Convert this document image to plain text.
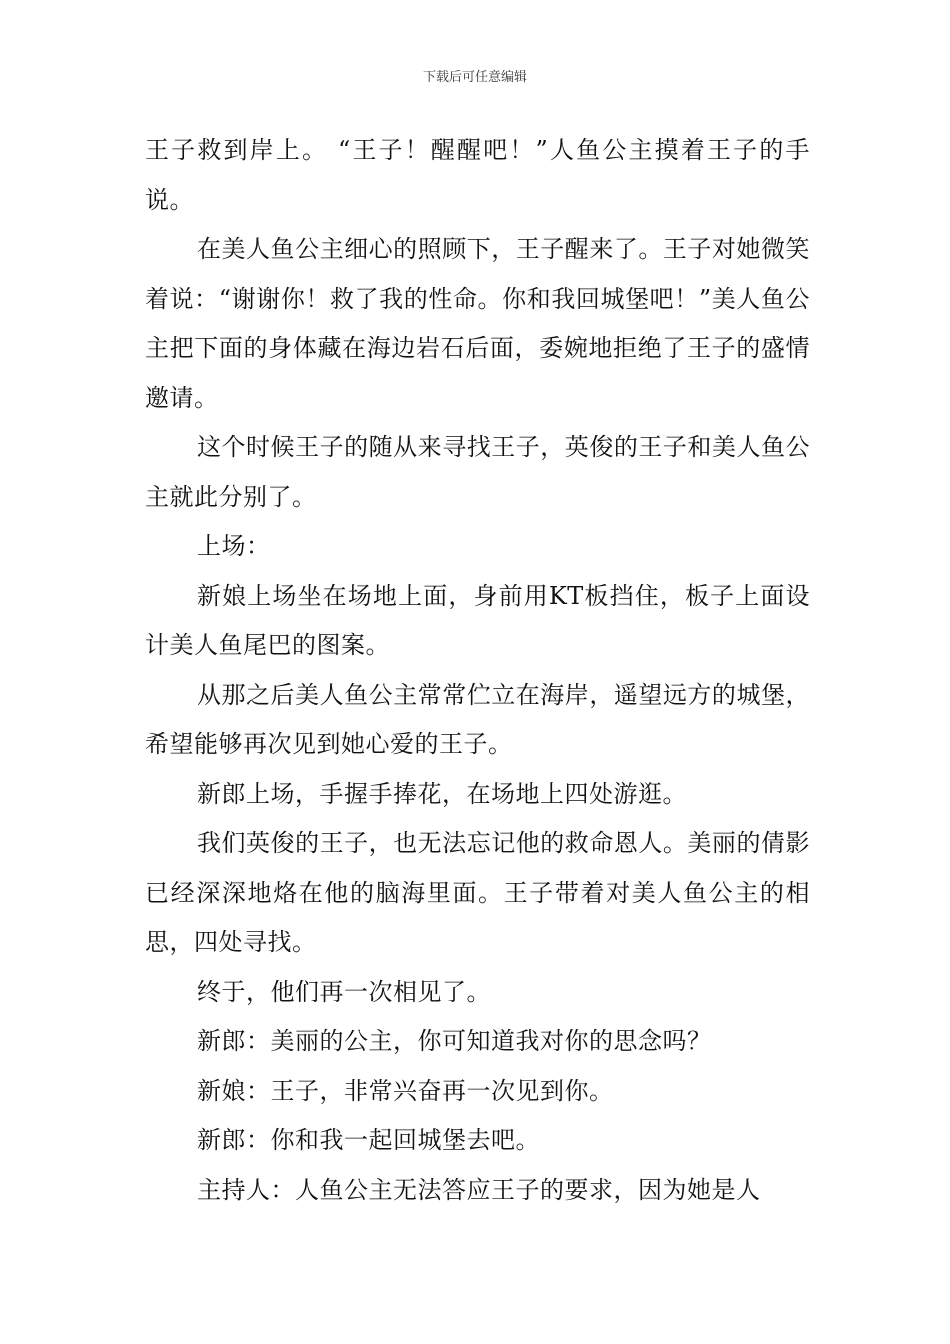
下载后可任意编辑

王子救到岸上。 “王子！醒醒吧！”人鱼公主摸着王子的手说。

在美人鱼公主细心的照顾下，王子醒来了。王子对她微笑着说：“谢谢你！救了我的性命。你和我回城堡吧！”美人鱼公主把下面的身体藏在海边岩石后面，委婉地拒绝了王子的盛情邀请。

这个时候王子的随从来寻找王子，英俊的王子和美人鱼公主就此分别了。

上场：

新娘上场坐在场地上面，身前用KT板挡住，板子上面设计美人鱼尾巴的图案。

从那之后美人鱼公主常常伫立在海岸，遥望远方的城堡，希望能够再次见到她心爱的王子。

新郎上场，手握手捧花，在场地上四处游逛。

我们英俊的王子，也无法忘记他的救命恩人。美丽的倩影已经深深地烙在他的脑海里面。王子带着对美人鱼公主的相思，四处寻找。

终于，他们再一次相见了。

新郎：美丽的公主，你可知道我对你的思念吗？

新娘：王子，非常兴奋再一次见到你。

新郎：你和我一起回城堡去吧。

主持人：人鱼公主无法答应王子的要求，因为她是人
